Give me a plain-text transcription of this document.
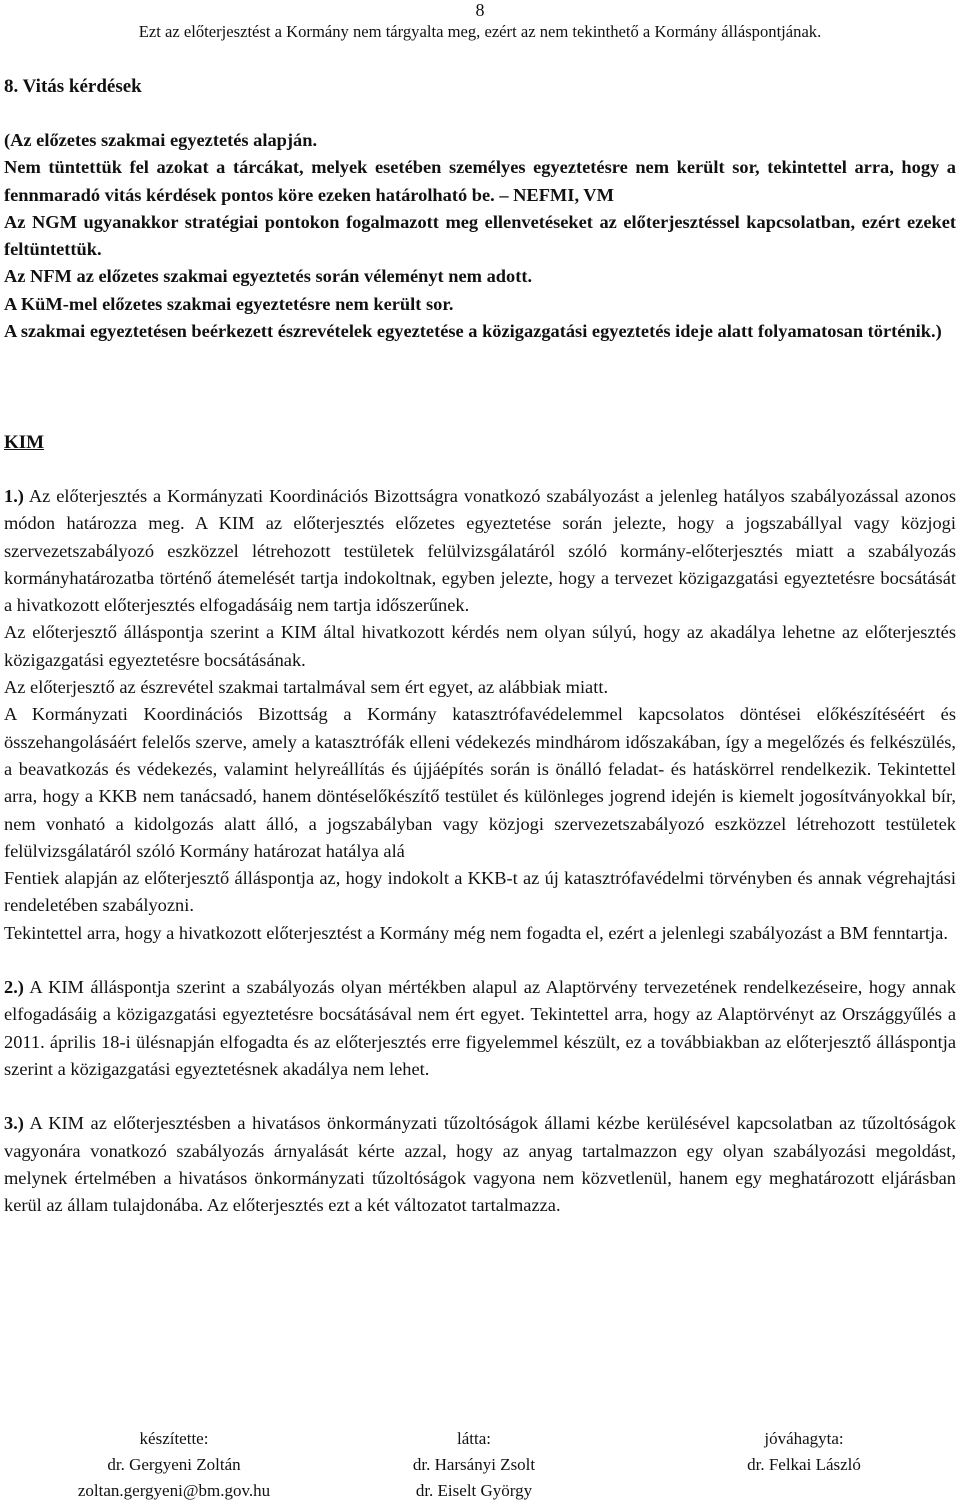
8
Ezt az előterjesztést a Kormány nem tárgyalta meg, ezért az nem tekinthető a Kormány álláspontjának.
8. Vitás kérdések

(Az előzetes szakmai egyeztetés alapján.

Nem tüntettük fel azokat a tárcákat, melyek esetében személyes egyeztetésre nem került sor, tekintettel arra, hogy a fennmaradó vitás kérdések pontos köre ezeken határolható be. – NEFMI, VM

Az NGM ugyanakkor stratégiai pontokon fogalmazott meg ellenvetéseket az előterjesztéssel kapcsolatban, ezért ezeket feltüntettük.

Az NFM az előzetes szakmai egyeztetés során véleményt nem adott.

A KüM-mel előzetes szakmai egyeztetésre nem került sor.

A szakmai egyeztetésen beérkezett észrevételek egyeztetése a közigazgatási egyeztetés ideje alatt folyamatosan történik.)

KIM

1.) Az előterjesztés a Kormányzati Koordinációs Bizottságra vonatkozó szabályozást a jelenleg hatályos szabályozással azonos módon határozza meg. A KIM az előterjesztés előzetes egyeztetése során jelezte, hogy a jogszabállyal vagy közjogi szervezetszabályozó eszközzel létrehozott testületek felülvizsgálatáról szóló kormány-előterjesztés miatt a szabályozás kormányhatározatba történő átemelését tartja indokoltnak, egyben jelezte, hogy a tervezet közigazgatási egyeztetésre bocsátását a hivatkozott előterjesztés elfogadásáig nem tartja időszerűnek.

Az előterjesztő álláspontja szerint a KIM által hivatkozott kérdés nem olyan súlyú, hogy az akadálya lehetne az előterjesztés közigazgatási egyeztetésre bocsátásának.

Az előterjesztő az észrevétel szakmai tartalmával sem ért egyet, az alábbiak miatt.

A Kormányzati Koordinációs Bizottság a Kormány katasztrófavédelemmel kapcsolatos döntései előkészítéséért és összehangolásáért felelős szerve, amely a katasztrófák elleni védekezés mindhárom időszakában, így a megelőzés és felkészülés, a beavatkozás és védekezés, valamint helyreállítás és újjáépítés során is önálló feladat- és hatáskörrel rendelkezik. Tekintettel arra, hogy a KKB nem tanácsadó, hanem döntéselőkészítő testület és különleges jogrend idején is kiemelt jogosítványokkal bír, nem vonható a kidolgozás alatt álló, a jogszabályban vagy közjogi szervezetszabályozó eszközzel létrehozott testületek felülvizsgálatáról szóló Kormány határozat hatálya alá

Fentiek alapján az előterjesztő álláspontja az, hogy indokolt a KKB-t az új katasztrófavédelmi törvényben és annak végrehajtási rendeletében szabályozni.

Tekintettel arra, hogy a hivatkozott előterjesztést a Kormány még nem fogadta el, ezért a jelenlegi szabályozást a BM fenntartja.

2.) A KIM álláspontja szerint a szabályozás olyan mértékben alapul az Alaptörvény tervezetének rendelkezéseire, hogy annak elfogadásáig a közigazgatási egyeztetésre bocsátásával nem ért egyet. Tekintettel arra, hogy az Alaptörvényt az Országgyűlés a 2011. április 18-i ülésnapján elfogadta és az előterjesztés erre figyelemmel készült, ez a továbbiakban az előterjesztő álláspontja szerint a közigazgatási egyeztetésnek akadálya nem lehet.

3.) A KIM az előterjesztésben a hivatásos önkormányzati tűzoltóságok állami kézbe kerülésével kapcsolatban az tűzoltóságok vagyonára vonatkozó szabályozás árnyalását kérte azzal, hogy az anyag tartalmazzon egy olyan szabályozási megoldást, melynek értelmében a hivatásos önkormányzati tűzoltóságok vagyona nem közvetlenül, hanem egy meghatározott eljárásban kerül az állam tulajdonába. Az előterjesztés ezt a két változatot tartalmazza.

készítette:
dr. Gergyeni Zoltán
zoltan.gergyeni@bm.gov.hu
látta:
dr. Harsányi Zsolt
dr. Eiselt György
jóváhagyta:
dr. Felkai László
